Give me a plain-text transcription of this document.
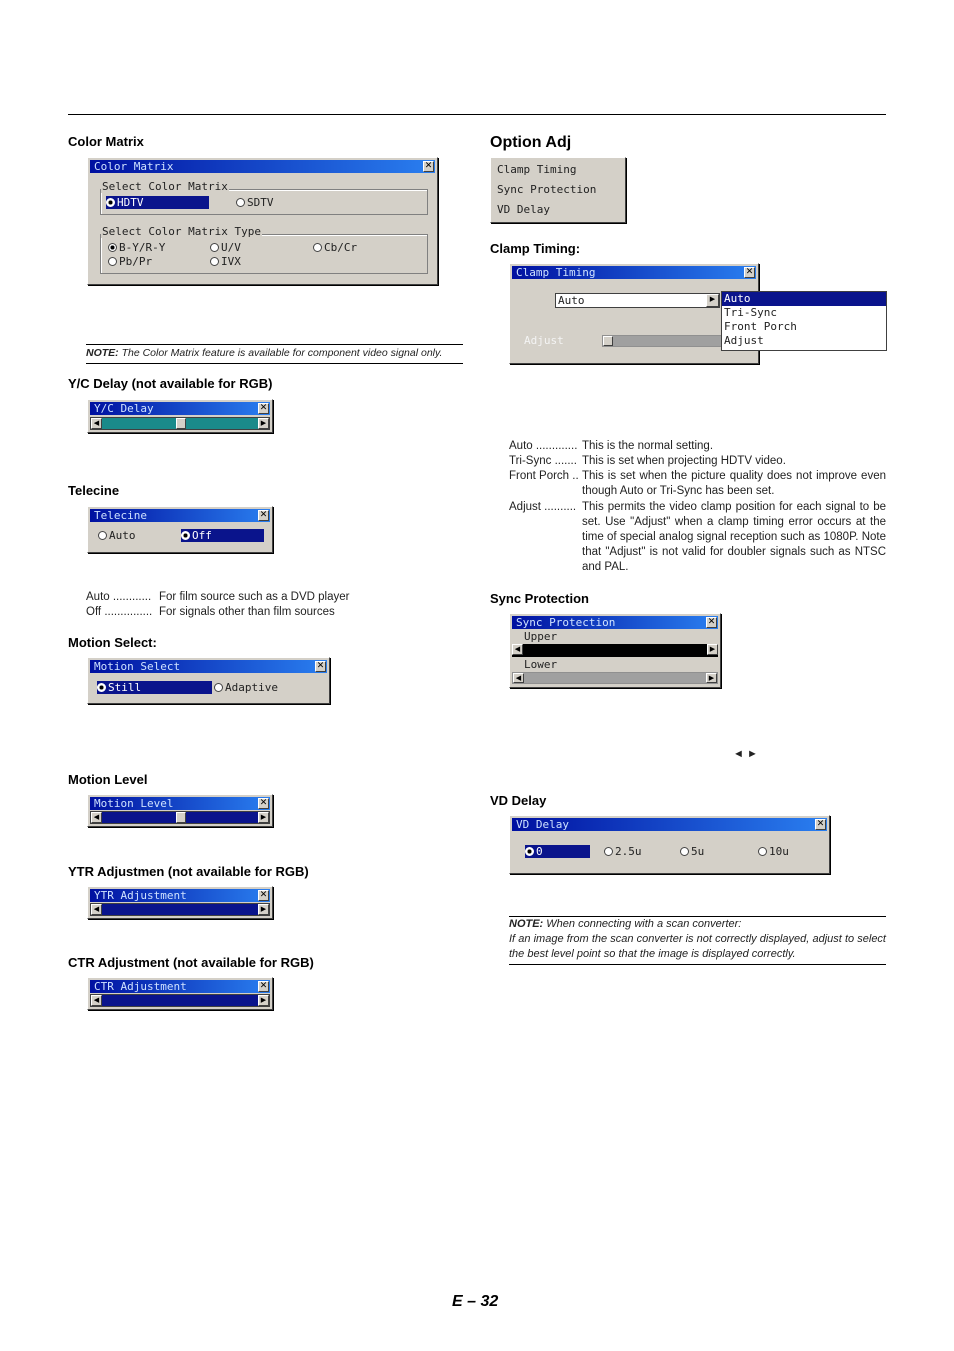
Color Matrix
Color Matrix	✕
Select Color Matrix
HDTV	SDTV
Select Color Matrix Type
B-Y/R-Y	U/V	Cb/Cr
Pb/Pr	IVX
NOTE: The Color Matrix feature is available for component video signal only.
Y/C Delay (not available for RGB)
Y/C Delay	✕
◀	▶
Telecine
Telecine	✕
Auto	Off
Auto ............ For film source such as a DVD player
Off ............... For signals other than film sources
Motion Select:
Motion Select	✕
Still	Adaptive
Motion Level
Motion Level	✕
◀	▶
YTR Adjustmen (not available for RGB)
YTR Adjustment	✕
◀	▶
CTR Adjustment (not available for RGB)
CTR Adjustment	✕
◀	▶
Option Adj
Clamp Timing
Sync Protection
VD Delay
Clamp Timing:
Clamp Timing	✕
Auto	▶
Adjust
Auto
Tri-Sync
Front Porch
Adjust
Auto ............. This is the normal setting.
Tri-Sync ....... This is set when projecting HDTV video.
Front Porch .. This is set when the picture quality does not improve even though Auto or Tri-Sync has been set.
Adjust .......... This permits the video clamp position for each signal to be set. Use "Adjust" when a clamp timing error occurs at the time of special analog signal reception such as 1080P. Note that "Adjust" is not valid for doubler signals such as NTSC and PAL.
Sync Protection
Sync Protection	✕
Upper
◀	▶
Lower
◀	▶
◄ ►
VD Delay
VD Delay	✕
0	2.5u	5u	10u
NOTE: When connecting with a scan converter:
If an image from the scan converter is not correctly displayed, adjust to select the best level point so that the image is displayed correctly.
E – 32
